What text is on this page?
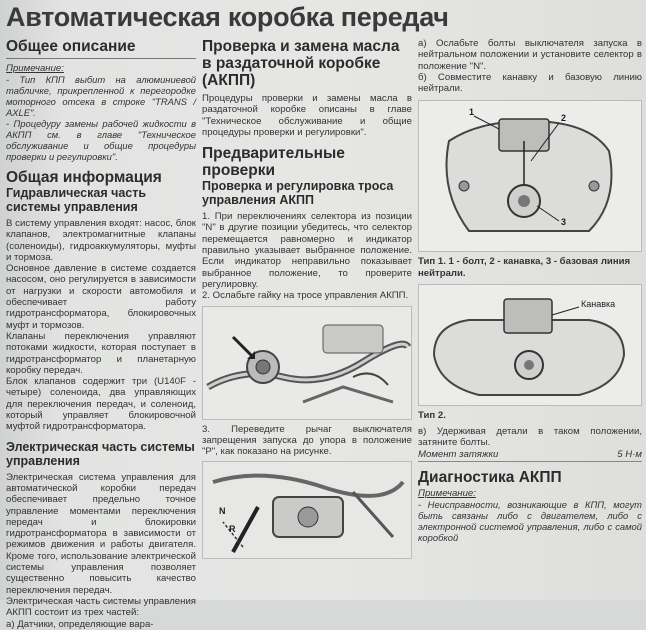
Автоматическая коробка передач
Общее описание
Примечание:
- Тип КПП выбит на алюминиевой табличке, прикрепленной к перегородке моторного отсека в строке "TRANS / AXLE".
- Процедуру замены рабочей жидкости в АКПП см. в главе "Техническое обслуживание и общие процедуры проверки и регулировки".
Общая информация
Гидравлическая часть системы управления

В систему управления входят: насос, блок клапанов, электромагнитные клапаны (соленоиды), гидроаккумуляторы, муфты и тормоза.

Основное давление в системе создается насосом, оно регулируется в зависимости от нагрузки и скорости автомобиля и обеспечивает работу гидротрансформатора, блокировочных муфт и тормозов.

Клапаны переключения управляют потоками жидкости, которая поступает в гидротрансформатор и планетарную коробку передач.

Блок клапанов содержит три (U140F - четыре) соленоида, два управляющих для переключения передач, и соленоид, который управляет блокировочной муфтой гидротрансформатора.

Электрическая часть системы управления

Электрическая система управления для автоматической коробки передач обеспечивает предельно точное управление моментами переключения передач и блокировки гидротрансформатора в зависимости от режимов движения и работы двигателя. Кроме того, использование электрической системы управления позволяет существенно повысить качество переключения передач.

Электрическая часть системы управления АКПП состоит из трех частей:

а) Датчики, определяющие вара-

Проверка и замена масла в раздаточной коробке (АКПП)

Процедуры проверки и замены масла в раздаточной коробке описаны в главе "Техническое обслуживание и общие процедуры проверки и регулировки".

Предварительные проверки
Проверка и регулировка троса управления АКПП

1. При переключениях селектора из позиции "N" в другие позиции убедитесь, что селектор перемещается равномерно и индикатор правильно указывает выбранное положение. Если индикатор неправильно показывает выбранное положение, то проверите регулировку.

2. Ослабьте гайку на тросе управления АКПП.

3. Переведите рычаг выключателя запрещения запуска до упора в положение "P", как показано на рисунке.

N
R

а) Ослабьте болты выключателя запуска в нейтральном положении и установите селектор в положение "N".

б) Совместите канавку и базовую линию нейтрали.

1
2
3
Тип 1. 1 - болт, 2 - канавка, 3 - базовая линия нейтрали.
Канавка
Тип 2.

в) Удерживая детали в таком положении, затяните болты.

Момент затяжки	5 Н·м
Диагностика АКПП
Примечание:
- Неисправности, возникающие в КПП, могут быть связаны либо с двигателем, либо с электронной системой управления, либо с самой коробкой
